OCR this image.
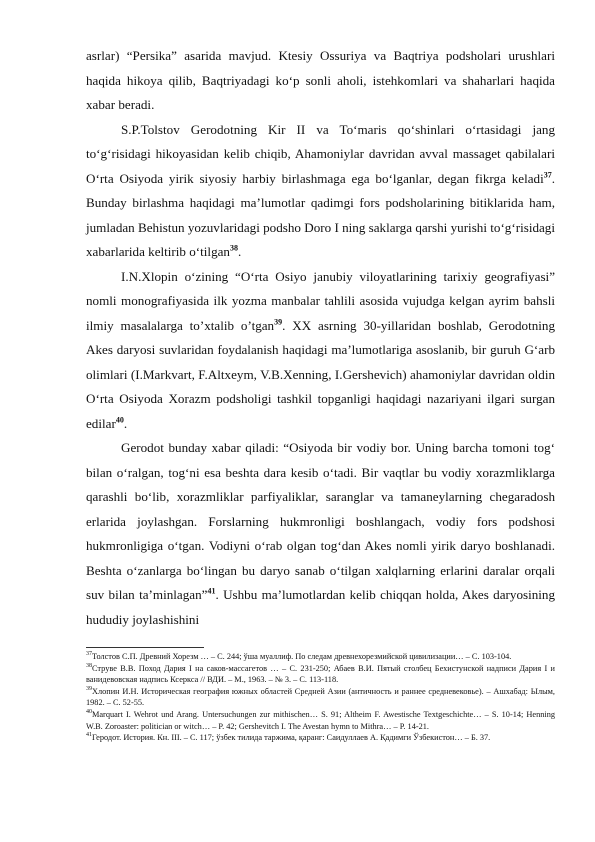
asrlar) “Persika” asarida mavjud. Ktesiy Ossuriya va Baqtriya podsholari urushlari haqida hikoya qilib, Baqtriyadagi ko‘p sonli aholi, istehkomlari va shaharlari haqida xabar beradi.

S.P.Tolstov Gerodotning Kir II va To‘maris qo‘shinlari o‘rtasidagi jang to‘g‘risidagi hikoyasidan kelib chiqib, Ahamoniylar davridan avval massaget qabilalari O‘rta Osiyoda yirik siyosiy harbiy birlashmaga ega bo‘lganlar, degan fikrga keladi$^{37}$. Bunday birlashma haqidagi ma’lumotlar qadimgi fors podsholarining bitiklarida ham, jumladan Behistun yozuvlaridagi podsho Doro I ning saklarga qarshi yurishi to‘g‘risidagi xabarlarida keltirib o‘tilgan$^{38}$.

I.N.Xlopin o‘zining “O‘rta Osiyo janubiy viloyatlarining tarixiy geografiyasi” nomli monografiyasida ilk yozma manbalar tahlili asosida vujudga kelgan ayrim bahsli ilmiy masalalarga to’xtalib o’tgan$^{39}$. XX asrning 30-yillaridan boshlab, Gerodotning Akes daryosi suvlaridan foydalanish haqidagi ma’lumotlariga asoslanib, bir guruh G‘arb olimlari (I.Markvart, F.Altxeym, V.B.Xenning, I.Gershevich) ahamoniylar davridan oldin O‘rta Osiyoda Xorazm podsholigi tashkil topganligi haqidagi nazariyani ilgari surgan edilar$^{40}$.

Gerodot bunday xabar qiladi: “Osiyoda bir vodiy bor. Uning barcha tomoni tog‘ bilan o‘ralgan, tog‘ni esa beshta dara kesib o‘tadi. Bir vaqtlar bu vodiy xorazmliklarga qarashli bo‘lib, xorazmliklar parfiyaliklar, saranglar va tamaneylarning chegaradosh erlarida joylashgan. Forslarning hukmronligi boshlangach, vodiy fors podshosi hukmronligiga o‘tgan. Vodiyni o‘rab olgan tog‘dan Akes nomli yirik daryo boshlanadi. Beshta o‘zanlarga bo‘lingan bu daryo sanab o‘tilgan xalqlarning erlarini daralar orqali suv bilan ta’minlagan”$^{41}$. Ushbu ma’lumotlardan kelib chiqqan holda, Akes daryosining hududiy joylashishini

$^{37}$Толстов С.П. Древний Хорезм … – С. 244; ўша муаллиф. По следам древнехорезмийской цивилизации… – С. 103-104.

$^{38}$Струве В.В. Поход Дария I на саков-массагетов … – С. 231-250; Абаев В.И. Пятый столбец Бехистунской надписи Дария I и ванидевовская надпись Ксеркса // ВДИ. – М., 1963. – № 3. – С. 113-118.

$^{39}$Хлопин И.Н. Историческая география южных областей Средней Азии (античность и раннее средневековье). – Ашхабад: Ылым, 1982. – С. 52-55.

$^{40}$Marquart I. Wehrot und Arang. Untersuchungen zur mithischen… S. 91; Altheim F. Awestische Textgeschichte… – S. 10-14; Henning W.B. Zoroaster: politician or witch… – P. 42; Gershevitch I. The Avestan hymn to Mithra… – P. 14-21.

$^{41}$Геродот. История. Кн. III. – С. 117; ўзбек тилида таржима, қаранг: Саидуллаев А. Қадимги Ўзбекистон… – Б. 37.
